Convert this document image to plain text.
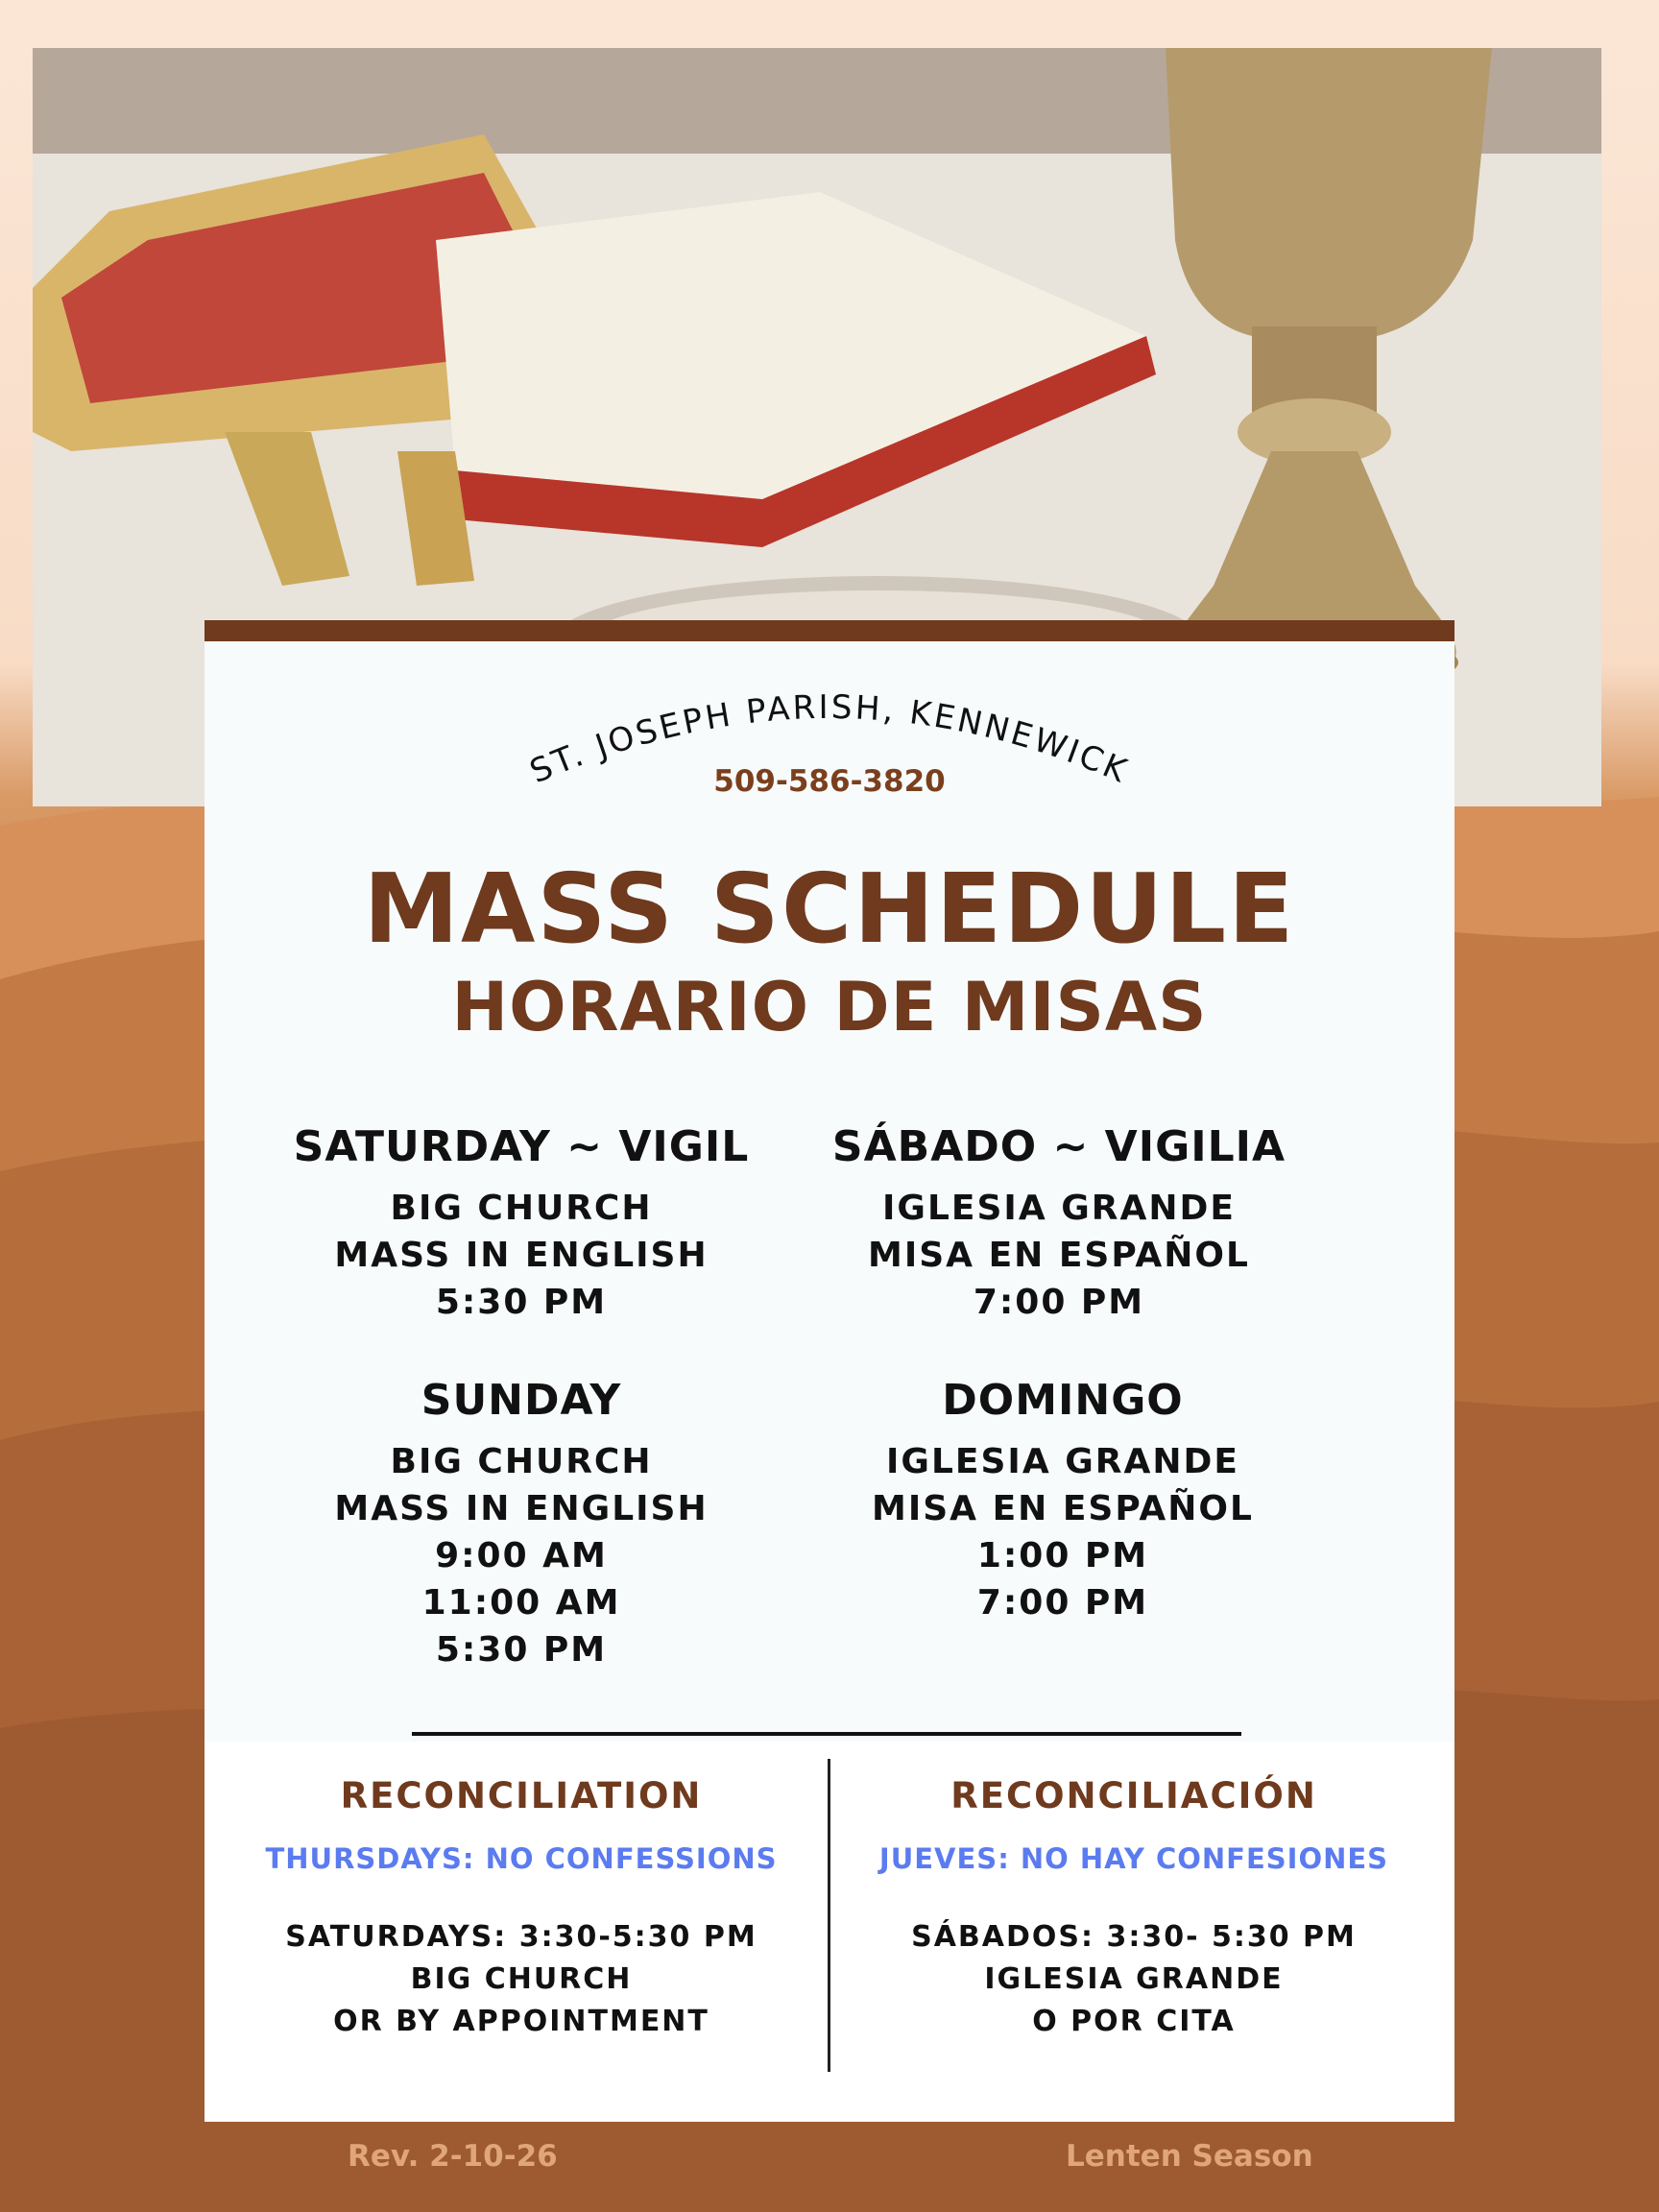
ST. JOSEPH PARISH, KENNEWICK
509-586-3820
MASS SCHEDULE
HORARIO DE MISAS
SATURDAY ~ VIGIL
BIG CHURCH
MASS IN ENGLISH
5:30 PM
SÁBADO ~ VIGILIA
IGLESIA GRANDE
MISA EN ESPAÑOL
7:00 PM
SUNDAY
BIG CHURCH
MASS IN ENGLISH
9:00 AM
11:00 AM
5:30 PM
DOMINGO
IGLESIA GRANDE
MISA EN ESPAÑOL
1:00 PM
7:00 PM
RECONCILIATION
THURSDAYS: NO CONFESSIONS
SATURDAYS: 3:30-5:30 PM
BIG CHURCH
OR BY APPOINTMENT
RECONCILIACIÓN
JUEVES: NO HAY CONFESIONES
SÁBADOS: 3:30- 5:30 PM
IGLESIA GRANDE
O POR CITA
Rev. 2-10-26	Lenten Season
